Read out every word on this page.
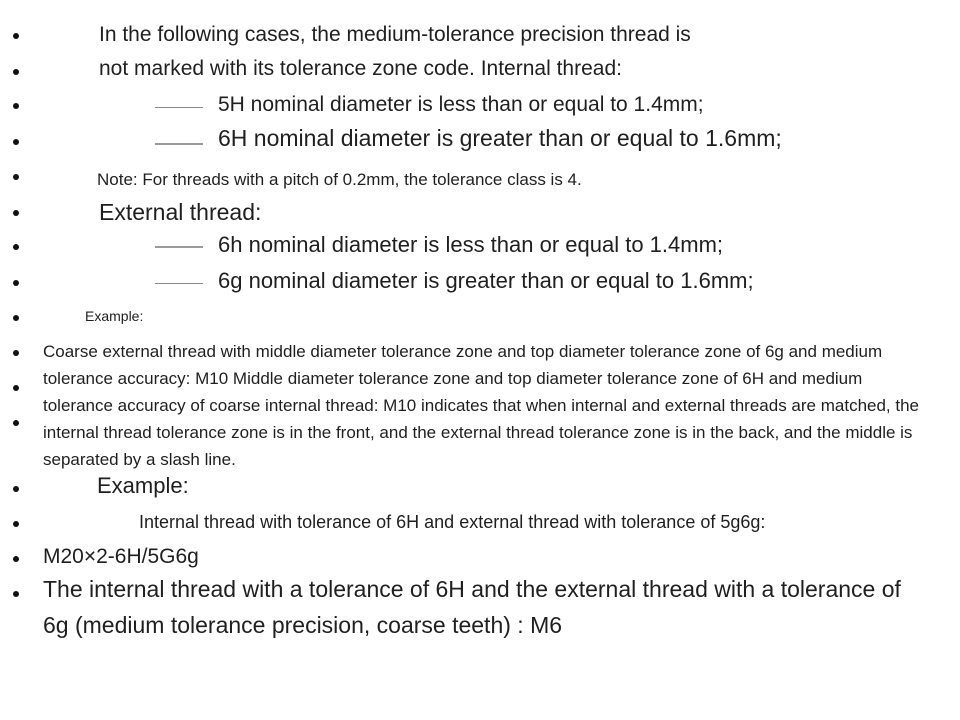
In the following cases, the medium-tolerance precision thread is
not marked with its tolerance zone code. Internal thread:
5H nominal diameter is less than or equal to 1.4mm;
6H nominal diameter is greater than or equal to 1.6mm;
Note: For threads with a pitch of 0.2mm, the tolerance class is 4.
External thread:
6h nominal diameter is less than or equal to 1.4mm;
6g nominal diameter is greater than or equal to 1.6mm;
Example:
Coarse external thread with middle diameter tolerance zone and top diameter tolerance zone of 6g and medium tolerance accuracy: M10 Middle diameter tolerance zone and top diameter tolerance zone of 6H and medium tolerance accuracy of coarse internal thread: M10 indicates that when internal and external threads are matched, the internal thread tolerance zone is in the front, and the external thread tolerance zone is in the back, and the middle is separated by a slash line.
Example:
Internal thread with tolerance of 6H and external thread with tolerance of 5g6g:
M20×2-6H/5G6g
The internal thread with a tolerance of 6H and the external thread with a tolerance of 6g (medium tolerance precision, coarse teeth) : M6
